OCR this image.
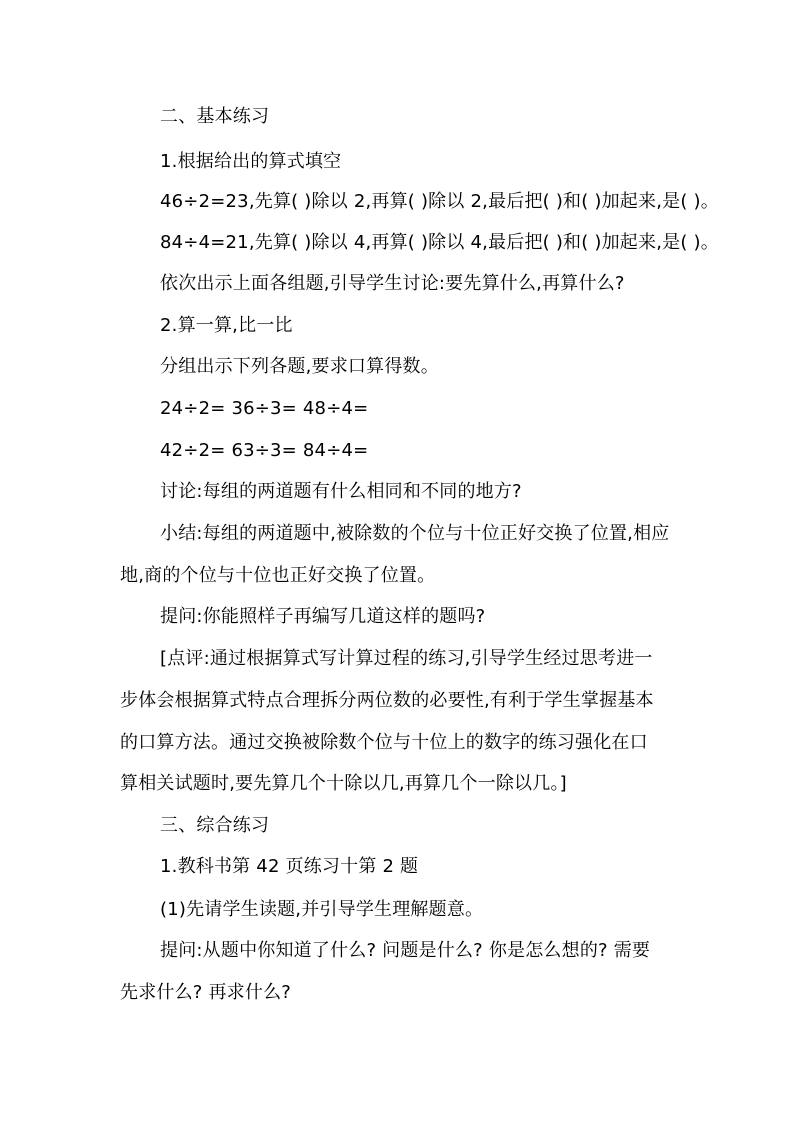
二、基本练习
1.根据给出的算式填空
46÷2=23,先算( )除以 2,再算( )除以 2,最后把( )和( )加起来,是( )。
84÷4=21,先算( )除以 4,再算( )除以 4,最后把( )和( )加起来,是( )。
依次出示上面各组题,引导学生讨论:要先算什么,再算什么?
2.算一算,比一比
分组出示下列各题,要求口算得数。
24÷2= 36÷3= 48÷4=
42÷2= 63÷3= 84÷4=
讨论:每组的两道题有什么相同和不同的地方?
小结:每组的两道题中,被除数的个位与十位正好交换了位置,相应
地,商的个位与十位也正好交换了位置。
提问:你能照样子再编写几道这样的题吗?
[点评:通过根据算式写计算过程的练习,引导学生经过思考进一
步体会根据算式特点合理拆分两位数的必要性,有利于学生掌握基本
的口算方法。通过交换被除数个位与十位上的数字的练习强化在口
算相关试题时,要先算几个十除以几,再算几个一除以几。]
三、综合练习
1.教科书第 42 页练习十第 2 题
(1)先请学生读题,并引导学生理解题意。
提问:从题中你知道了什么? 问题是什么? 你是怎么想的? 需要
先求什么? 再求什么?
